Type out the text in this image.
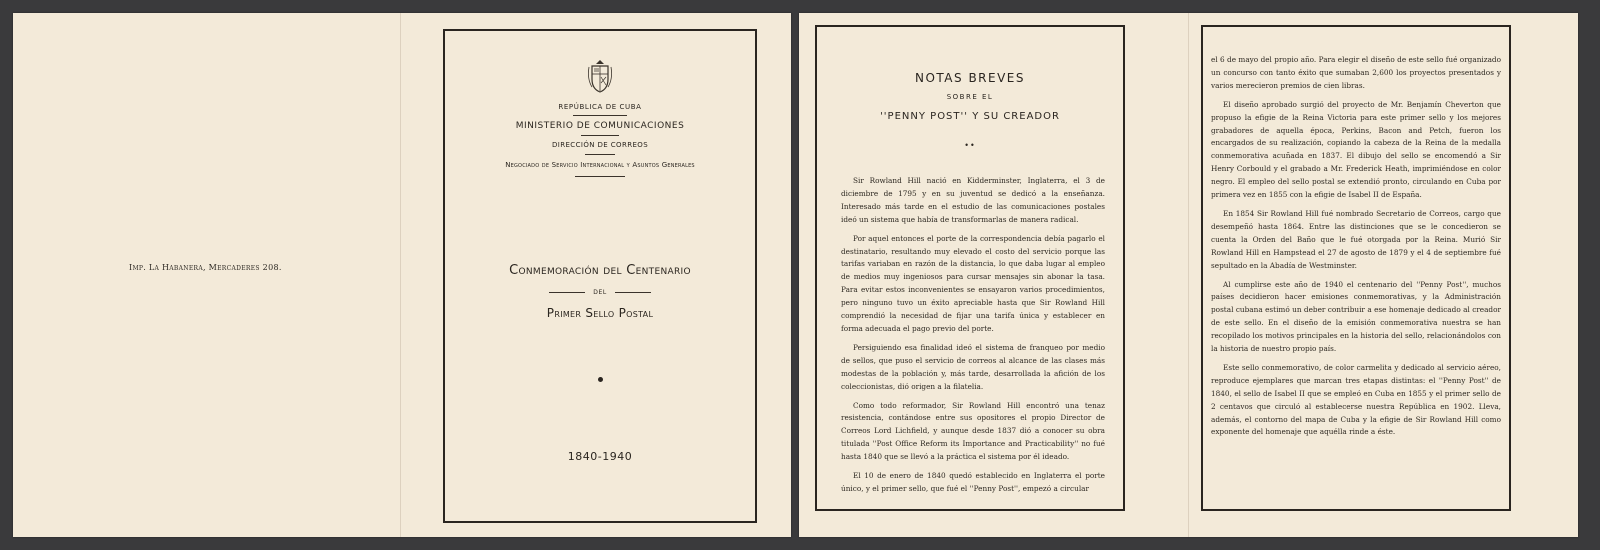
Imp. La Habanera, Mercaderes 208.
REPÚBLICA DE CUBA
MINISTERIO DE COMUNICACIONES
DIRECCIÓN DE CORREOS
Negociado de Servicio Internacional y Asuntos Generales
Conmemoración del Centenario
DEL
Primer Sello Postal
1840-1940
NOTAS BREVES
SOBRE EL
''PENNY POST'' Y SU CREADOR
••

Sir Rowland Hill nació en Kidderminster, Inglaterra, el 3 de diciembre de 1795 y en su juventud se dedicó a la enseñanza. Interesado más tarde en el estudio de las comunicaciones postales ideó un sistema que había de transformarlas de manera radical.

Por aquel entonces el porte de la correspondencia debía pagarlo el destinatario, resultando muy elevado el costo del servicio porque las tarifas variaban en razón de la distancia, lo que daba lugar al empleo de medios muy ingeniosos para cursar mensajes sin abonar la tasa. Para evitar estos inconvenientes se ensayaron varios procedimientos, pero ninguno tuvo un éxito apreciable hasta que Sir Rowland Hill comprendió la necesidad de fijar una tarifa única y establecer en forma adecuada el pago previo del porte.

Persiguiendo esa finalidad ideó el sistema de franqueo por medio de sellos, que puso el servicio de correos al alcance de las clases más modestas de la población y, más tarde, desarrollada la afición de los coleccionistas, dió origen a la filatelia.

Como todo reformador, Sir Rowland Hill encontró una tenaz resistencia, contándose entre sus opositores el propio Director de Correos Lord Lichfield, y aunque desde 1837 dió a conocer su obra titulada ''Post Office Reform its Importance and Practicability'' no fué hasta 1840 que se llevó a la práctica el sistema por él ideado.

El 10 de enero de 1840 quedó establecido en Inglaterra el porte único, y el primer sello, que fué el ''Penny Post'', empezó a circular

el 6 de mayo del propio año. Para elegir el diseño de este sello fué organizado un concurso con tanto éxito que sumaban 2,600 los proyectos presentados y varios merecieron premios de cien libras.

El diseño aprobado surgió del proyecto de Mr. Benjamín Cheverton que propuso la efigie de la Reina Victoria para este primer sello y los mejores grabadores de aquella época, Perkins, Bacon and Petch, fueron los encargados de su realización, copiando la cabeza de la Reina de la medalla conmemorativa acuñada en 1837. El dibujo del sello se encomendó a Sir Henry Corbould y el grabado a Mr. Frederick Heath, imprimiéndose en color negro. El empleo del sello postal se extendió pronto, circulando en Cuba por primera vez en 1855 con la efigie de Isabel II de España.

En 1854 Sir Rowland Hill fué nombrado Secretario de Correos, cargo que desempeñó hasta 1864. Entre las distinciones que se le concedieron se cuenta la Orden del Baño que le fué otorgada por la Reina. Murió Sir Rowland Hill en Hampstead el 27 de agosto de 1879 y el 4 de septiembre fué sepultado en la Abadía de Westminster.

Al cumplirse este año de 1940 el centenario del ''Penny Post'', muchos países decidieron hacer emisiones conmemorativas, y la Administración postal cubana estimó un deber contribuir a ese homenaje dedicado al creador de este sello. En el diseño de la emisión conmemorativa nuestra se han recopilado los motivos principales en la historia del sello, relacionándolos con la historia de nuestro propio país.

Este sello conmemorativo, de color carmelita y dedicado al servicio aéreo, reproduce ejemplares que marcan tres etapas distintas: el ''Penny Post'' de 1840, el sello de Isabel II que se empleó en Cuba en 1855 y el primer sello de 2 centavos que circuló al establecerse nuestra República en 1902. Lleva, además, el contorno del mapa de Cuba y la efigie de Sir Rowland Hill como exponente del homenaje que aquélla rinde a éste.
